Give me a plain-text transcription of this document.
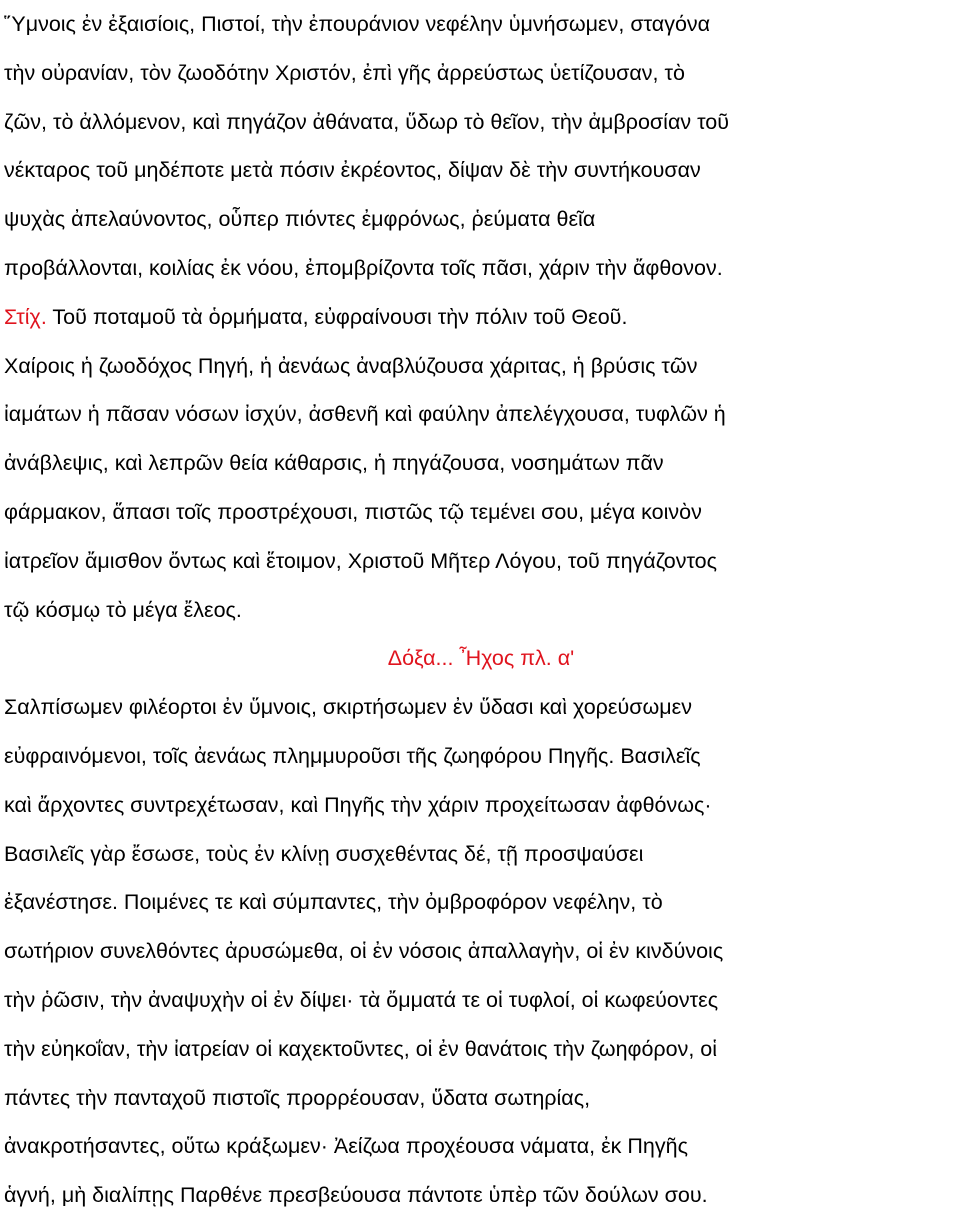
Ὕμνοις ἐν ἐξαισίοις, Πιστοί, τὴν ἐπουράνιον νεφέλην ὑμνήσωμεν, σταγόνα
τὴν οὐρανίαν, τὸν ζωοδότην Χριστόν, ἐπὶ γῆς ἀρρεύστως ὑετίζουσαν, τὸ
ζῶν, τὸ ἀλλόμενον, καὶ πηγάζον ἀθάνατα, ὕδωρ τὸ θεῖον, τὴν ἀμβροσίαν τοῦ
νέκταρος τοῦ μηδέποτε μετὰ πόσιν ἐκρέοντος, δίψαν δὲ τὴν συντήκουσαν
ψυχὰς ἀπελαύνοντος, οὗπερ πιόντες ἐμφρόνως, ῥεύματα θεῖα
προβάλλονται, κοιλίας ἐκ νόου, ἐπομβρίζοντα τοῖς πᾶσι, χάριν τὴν ἄφθονον.
Στίχ. Τοῦ ποταμοῦ τὰ ὁρμήματα, εὐφραίνουσι τὴν πόλιν τοῦ Θεοῦ.
Χαίροις ἡ ζωοδόχος Πηγή, ἡ ἀενάως ἀναβλύζουσα χάριτας, ἡ βρύσις τῶν
ἰαμάτων ἡ πᾶσαν νόσων ἰσχύν, ἀσθενῆ καὶ φαύλην ἀπελέγχουσα, τυφλῶν ἡ
ἀνάβλεψις, καὶ λεπρῶν θεία κάθαρσις, ἡ πηγάζουσα, νοσημάτων πᾶν
φάρμακον, ἅπασι τοῖς προστρέχουσι, πιστῶς τῷ τεμένει σου, μέγα κοινὸν
ἰατρεῖον ἄμισθον ὄντως καὶ ἕτοιμον, Χριστοῦ Μῆτερ Λόγου, τοῦ πηγάζοντος
τῷ κόσμῳ τὸ μέγα ἔλεος.
Δόξα... Ἦχος πλ. α'
Σαλπίσωμεν φιλέορτοι ἐν ὕμνοις, σκιρτήσωμεν ἐν ὕδασι καὶ χορεύσωμεν
εὐφραινόμενοι, τοῖς ἀενάως πλημμυροῦσι τῆς ζωηφόρου Πηγῆς. Βασιλεῖς
καὶ ἄρχοντες συντρεχέτωσαν, καὶ Πηγῆς τὴν χάριν προχείτωσαν ἀφθόνως·
Βασιλεῖς γὰρ ἔσωσε, τοὺς ἐν κλίνῃ συσχεθέντας δέ, τῇ προσψαύσει
ἐξανέστησε. Ποιμένες τε καὶ σύμπαντες, τὴν ὀμβροφόρον νεφέλην, τὸ
σωτήριον συνελθόντες ἀρυσώμεθα, οἱ ἐν νόσοις ἀπαλλαγὴν, οἱ ἐν κινδύνοις
τὴν ῥῶσιν, τὴν ἀναψυχὴν οἱ ἐν δίψει· τὰ ὄμματά τε οἱ τυφλοί, οἱ κωφεύοντες
τὴν εὐηκοΐαν, τὴν ἰατρείαν οἱ καχεκτοῦντες, οἱ ἐν θανάτοις τὴν ζωηφόρον, οἱ
πάντες τὴν πανταχοῦ πιστοῖς προρρέουσαν, ὕδατα σωτηρίας,
ἀνακροτήσαντες, οὕτω κράξωμεν· Ἀείζωα προχέουσα νάματα, ἐκ Πηγῆς
ἁγνή, μὴ διαλίπῃς Παρθένε πρεσβεύουσα πάντοτε ὑπὲρ τῶν δούλων σου.
